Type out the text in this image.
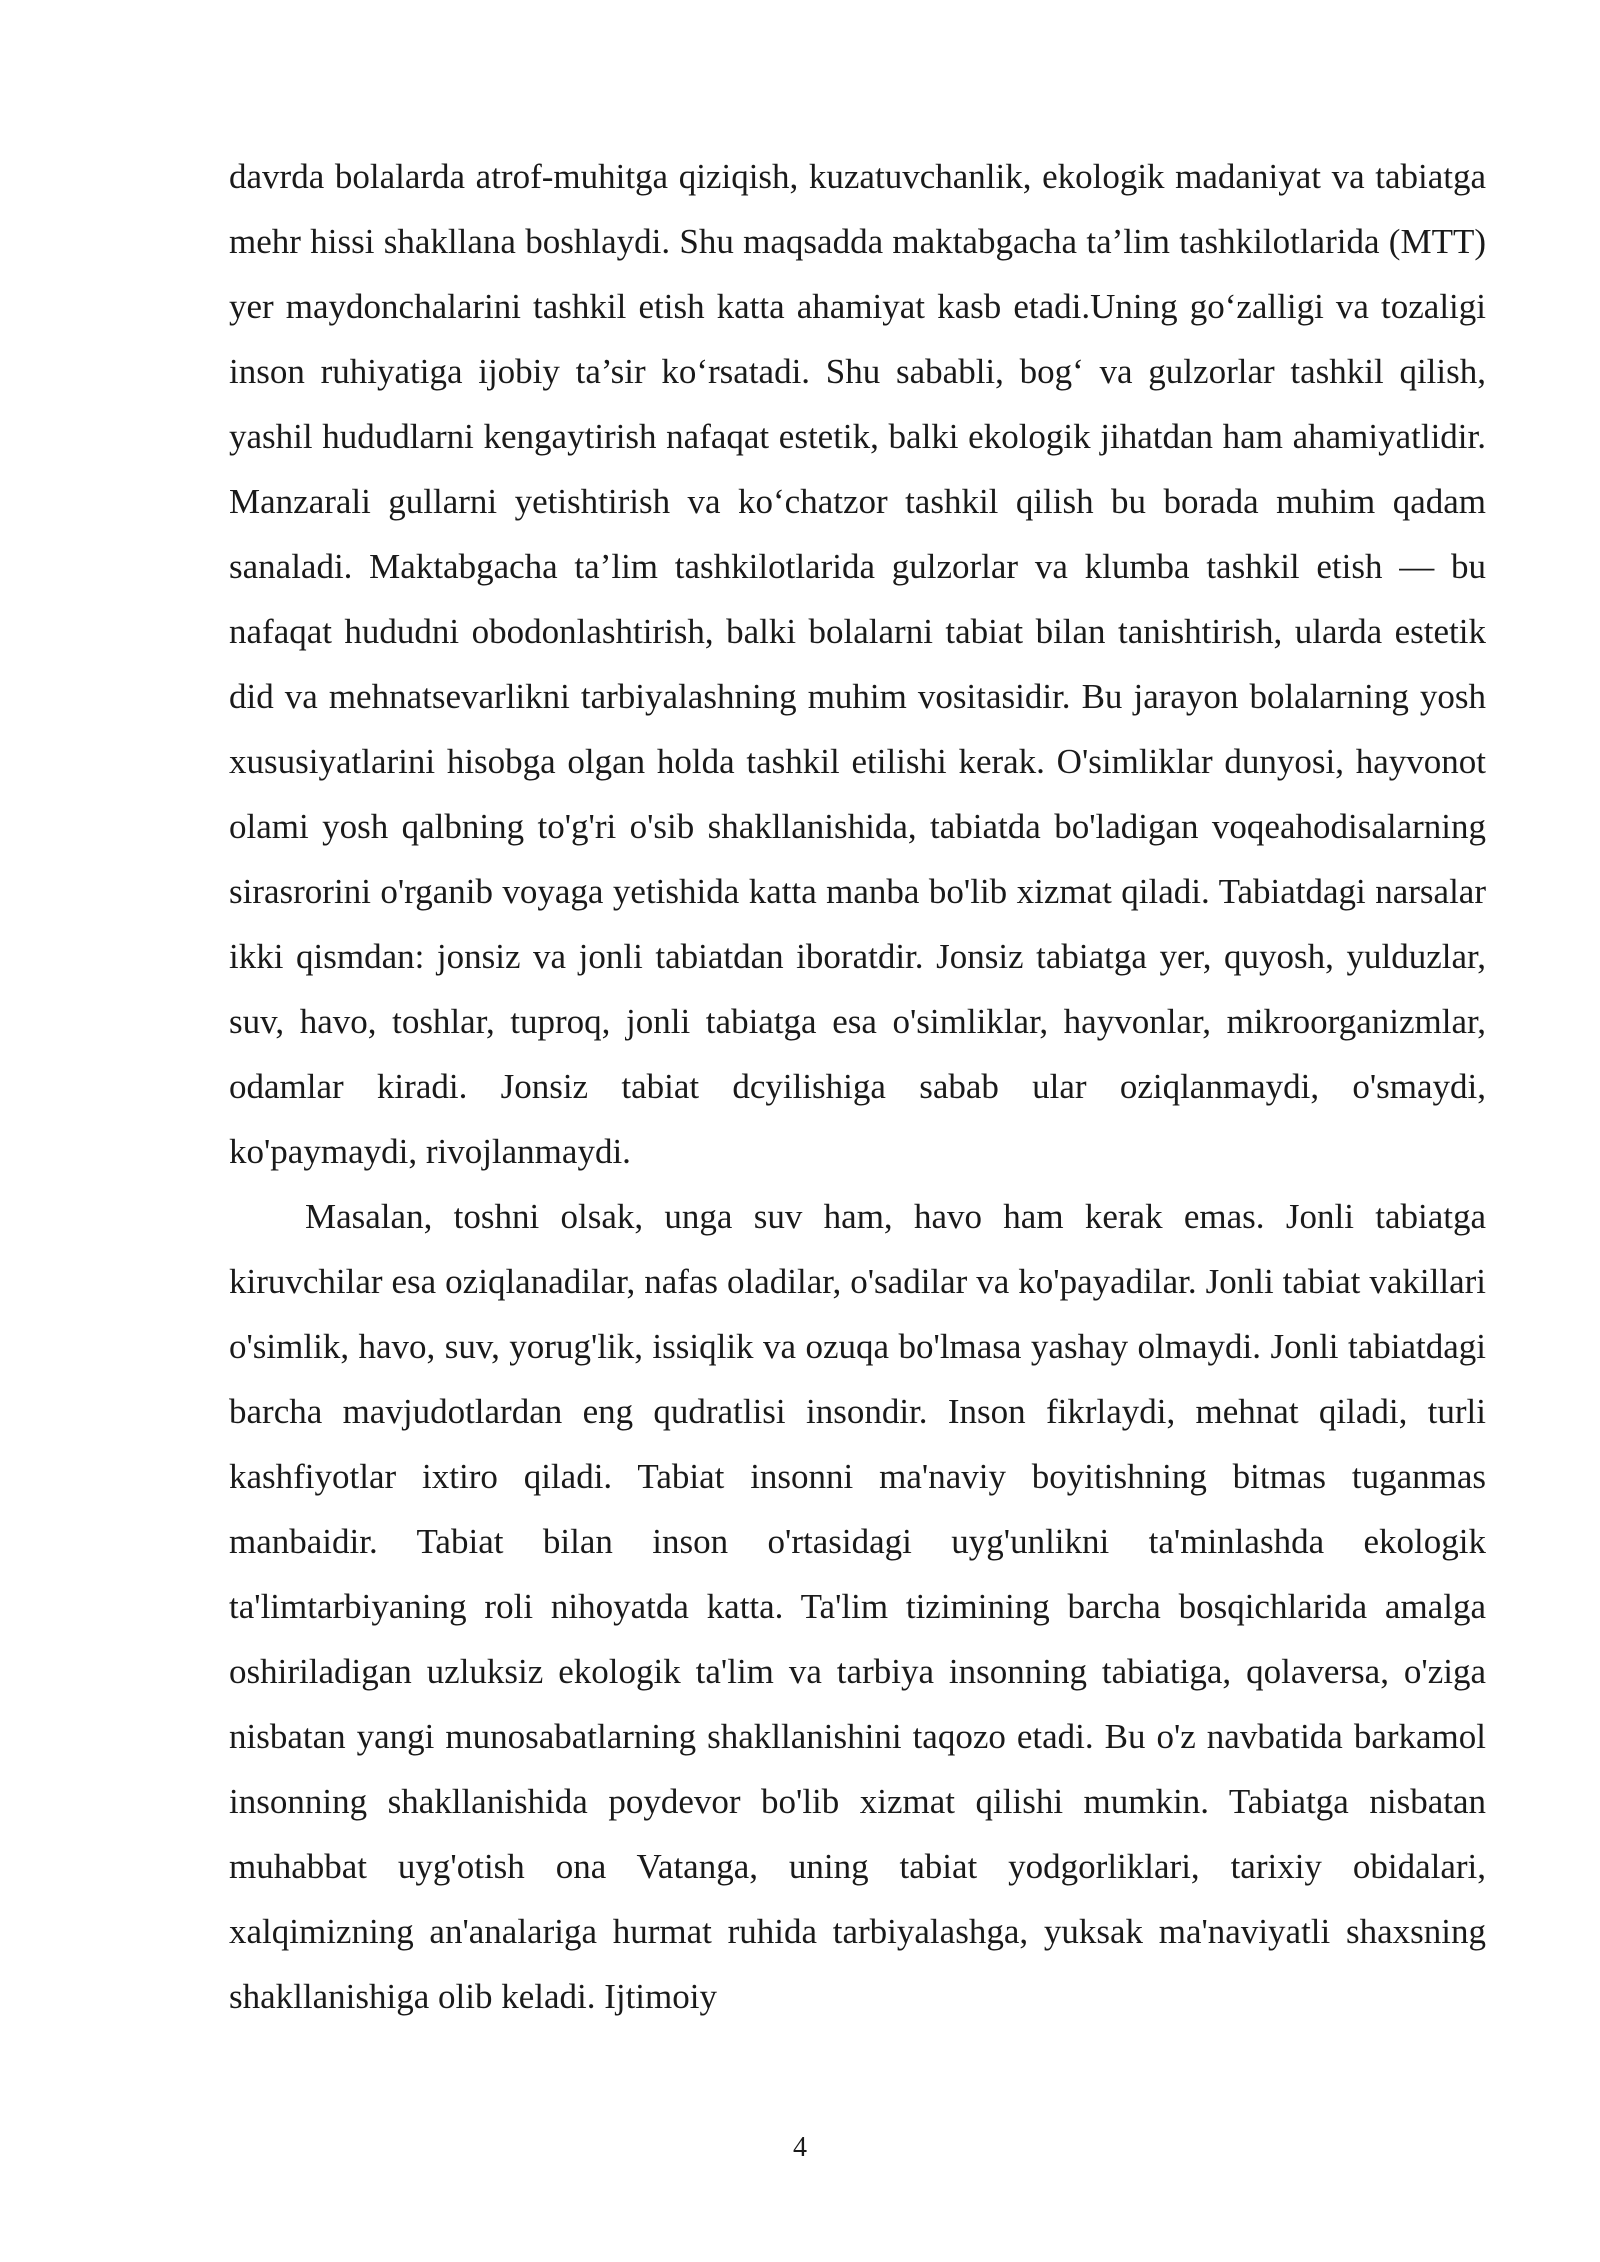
davrda bolalarda atrof-muhitga qiziqish, kuzatuvchanlik, ekologik madaniyat va tabiatga mehr hissi shakllana boshlaydi. Shu maqsadda maktabgacha ta’lim tashkilotlarida (MTT) yer maydonchalarini tashkil etish katta ahamiyat kasb etadi.Uning go‘zalligi va tozaligi inson ruhiyatiga ijobiy ta’sir ko‘rsatadi. Shu sababli, bog‘ va gulzorlar tashkil qilish, yashil hududlarni kengaytirish nafaqat estetik, balki ekologik jihatdan ham ahamiyatlidir. Manzarali gullarni yetishtirish va ko‘chatzor tashkil qilish bu borada muhim qadam sanaladi. Maktabgacha ta’lim tashkilotlarida gulzorlar va klumba tashkil etish — bu nafaqat hududni obodonlashtirish, balki bolalarni tabiat bilan tanishtirish, ularda estetik did va mehnatsevarlikni tarbiyalashning muhim vositasidir. Bu jarayon bolalarning yosh xususiyatlarini hisobga olgan holda tashkil etilishi kerak. O'simliklar dunyosi, hayvonot olami yosh qalbning to'g'ri o'sib shakllanishida, tabiatda bo'ladigan voqeahodisalarning sirasrorini o'rganib voyaga yetishida katta manba bo'lib xizmat qiladi. Tabiatdagi narsalar ikki qismdan: jonsiz va jonli tabiatdan iboratdir. Jonsiz tabiatga yer, quyosh, yulduzlar, suv, havo, toshlar, tuproq, jonli tabiatga esa o'simliklar, hayvonlar, mikroorganizmlar, odamlar kiradi. Jonsiz tabiat dcyilishiga sabab ular oziqlanmaydi, o'smaydi, ko'paymaydi, rivojlanmaydi.

Masalan, toshni olsak, unga suv ham, havo ham kerak emas. Jonli tabiatga kiruvchilar esa oziqlanadilar, nafas oladilar, o'sadilar va ko'payadilar. Jonli tabiat vakillari o'simlik, havo, suv, yorug'lik, issiqlik va ozuqa bo'lmasa yashay olmaydi. Jonli tabiatdagi barcha mavjudotlardan eng qudratlisi insondir. Inson fikrlaydi, mehnat qiladi, turli kashfiyotlar ixtiro qiladi. Tabiat insonni ma'naviy boyitishning bitmas tuganmas manbaidir. Tabiat bilan inson o'rtasidagi uyg'unlikni ta'minlashda ekologik ta'limtarbiyaning roli nihoyatda katta. Ta'lim tizimining barcha bosqichlarida amalga oshiriladigan uzluksiz ekologik ta'lim va tarbiya insonning tabiatiga, qolaversa, o'ziga nisbatan yangi munosabatlarning shakllanishini taqozo etadi. Bu o'z navbatida barkamol insonning shakllanishida poydevor bo'lib xizmat qilishi mumkin. Tabiatga nisbatan muhabbat uyg'otish ona Vatanga, uning tabiat yodgorliklari, tarixiy obidalari, xalqimizning an'analariga hurmat ruhida tarbiyalashga, yuksak ma'naviyatli shaxsning shakllanishiga olib keladi. Ijtimoiy

4
